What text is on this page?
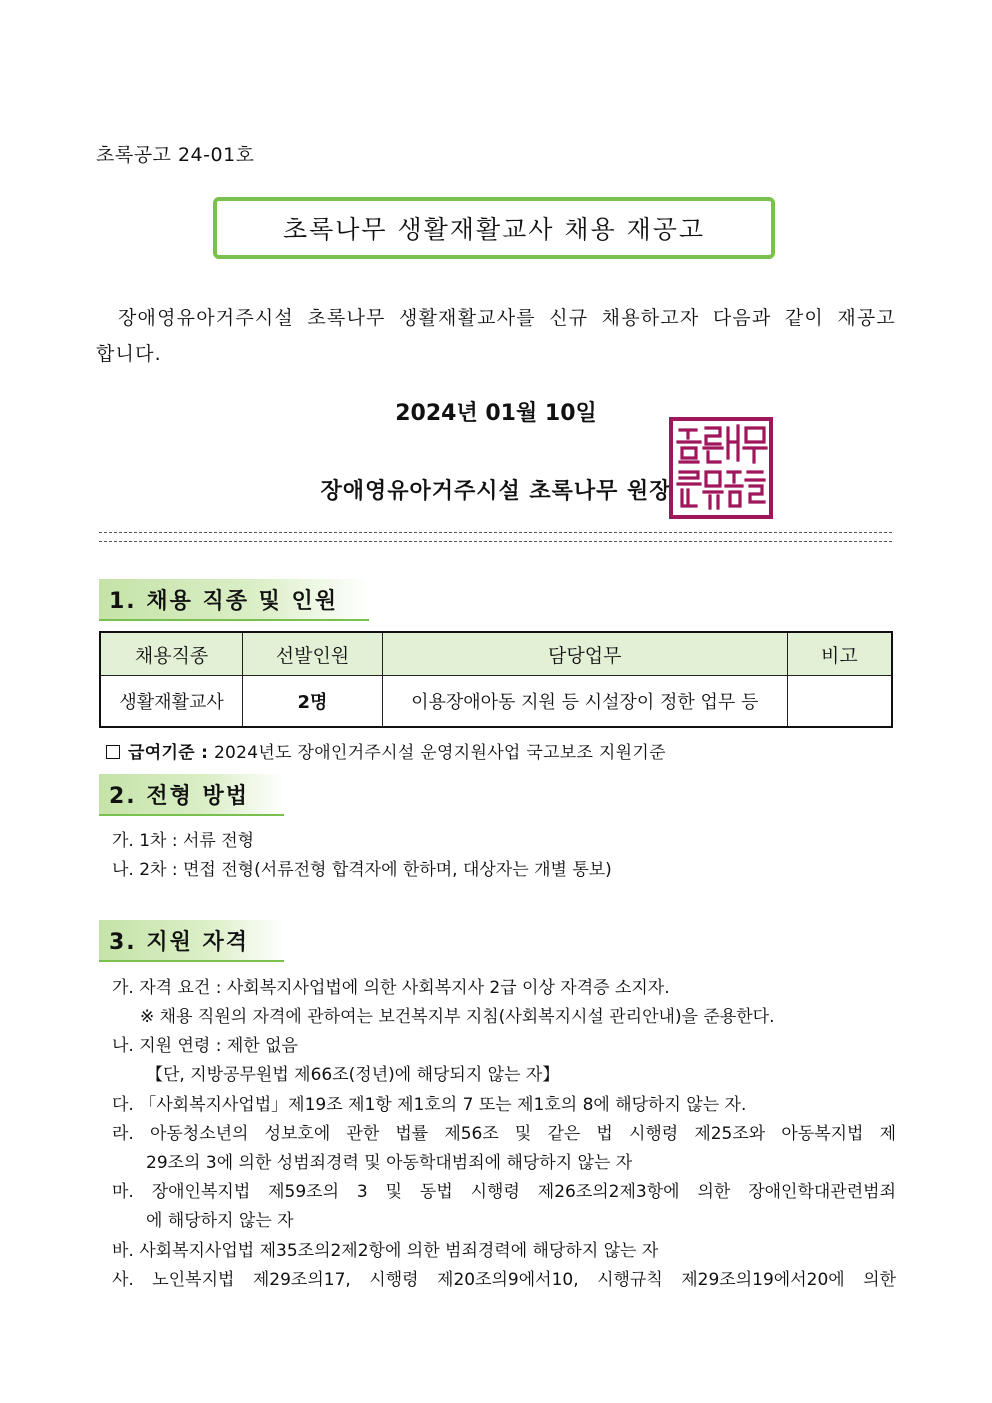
초록공고 24-01호
초록나무 생활재활교사 채용 재공고
장애영유아거주시설 초록나무 생활재활교사를 신규 채용하고자 다음과 같이 재공고합니다.
2024년 01월 10일
장애영유아거주시설 초록나무 원장
1. 채용 직종 및 인원
채용직종	선발인원	담당업무	비고
생활재활교사	2명	이용장애아동 지원 등 시설장이 정한 업무 등	
급여기준 : 2024년도 장애인거주시설 운영지원사업 국고보조 지원기준
2. 전형 방법
가. 1차 : 서류 전형
나. 2차 : 면접 전형(서류전형 합격자에 한하며, 대상자는 개별 통보)
3. 지원 자격
가. 자격 요건 : 사회복지사업법에 의한 사회복지사 2급 이상 자격증 소지자.
※ 채용 직원의 자격에 관하여는 보건복지부 지침(사회복지시설 관리안내)을 준용한다.
나. 지원 연령 : 제한 없음
【단, 지방공무원법 제66조(정년)에 해당되지 않는 자】
다. 「사회복지사업법」제19조 제1항 제1호의 7 또는 제1호의 8에 해당하지 않는 자.
라. 아동청소년의 성보호에 관한 법률 제56조 및 같은 법 시행령 제25조와 아동복지법 제
29조의 3에 의한 성범죄경력 및 아동학대범죄에 해당하지 않는 자
마. 장애인복지법 제59조의 3 및 동법 시행령 제26조의2제3항에 의한 장애인학대관련범죄
에 해당하지 않는 자
바. 사회복지사업법 제35조의2제2항에 의한 범죄경력에 해당하지 않는 자
사. 노인복지법 제29조의17, 시행령 제20조의9에서10, 시행규칙 제29조의19에서20에 의한
